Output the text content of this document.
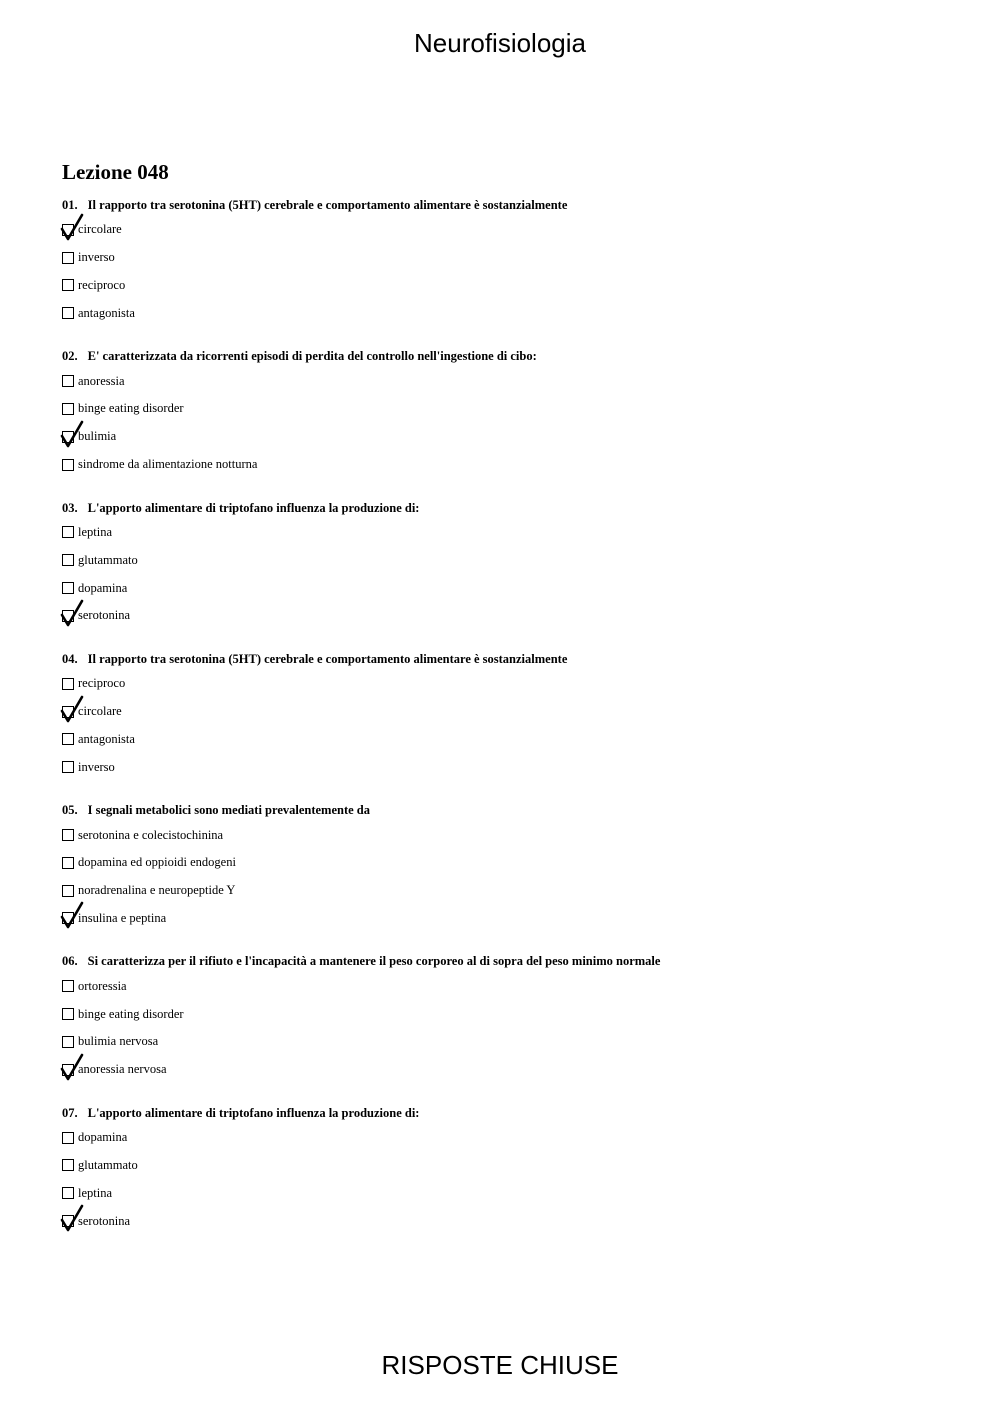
Neurofisiologia
Lezione 048
01. Il rapporto tra serotonina (5HT) cerebrale e comportamento alimentare è sostanzialmente
circolare
inverso
reciproco
antagonista
02. E' caratterizzata da ricorrenti episodi di perdita del controllo nell'ingestione di cibo:
anoressia
binge eating disorder
bulimia
sindrome da alimentazione notturna
03. L'apporto alimentare di triptofano influenza la produzione di:
leptina
glutammato
dopamina
serotonina
04. Il rapporto tra serotonina (5HT) cerebrale e comportamento alimentare è sostanzialmente
reciproco
circolare
antagonista
inverso
05. I segnali metabolici sono mediati prevalentemente da
serotonina e colecistochinina
dopamina ed oppioidi endogeni
noradrenalina e neuropeptide Y
insulina e peptina
06. Si caratterizza per il rifiuto e l'incapacità a mantenere il peso corporeo al di sopra del peso minimo normale
ortoressia
binge eating disorder
bulimia nervosa
anoressia nervosa
07. L'apporto alimentare di triptofano influenza la produzione di:
dopamina
glutammato
leptina
serotonina
RISPOSTE CHIUSE
